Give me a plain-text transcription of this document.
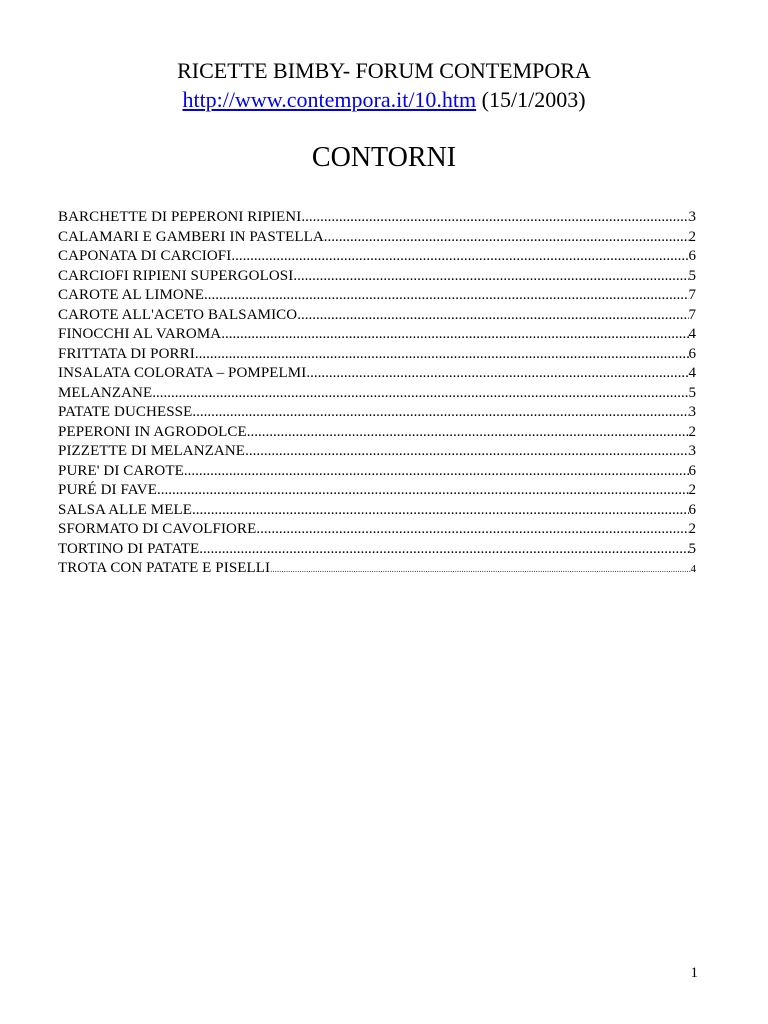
RICETTE BIMBY- FORUM CONTEMPORA
http://www.contempora.it/10.htm (15/1/2003)
CONTORNI
BARCHETTE DI PEPERONI RIPIENI .....	3
CALAMARI E GAMBERI IN PASTELLA .....	2
CAPONATA DI CARCIOFI .....	6
CARCIOFI RIPIENI SUPERGOLOSI .....	5
CAROTE AL LIMONE .....	7
CAROTE ALL'ACETO BALSAMICO .....	7
FINOCCHI AL VAROMA .....	4
FRITTATA DI PORRI .....	6
INSALATA COLORATA – POMPELMI .....	4
MELANZANE .....	5
PATATE DUCHESSE .....	3
PEPERONI IN AGRODOLCE .....	2
PIZZETTE DI MELANZANE .....	3
PURE' DI CAROTE .....	6
PURÉ DI FAVE .....	2
SALSA ALLE MELE .....	6
SFORMATO DI CAVOLFIORE .....	2
TORTINO DI PATATE .....	5
TROTA CON PATATE E PISELLI .....	4
1
